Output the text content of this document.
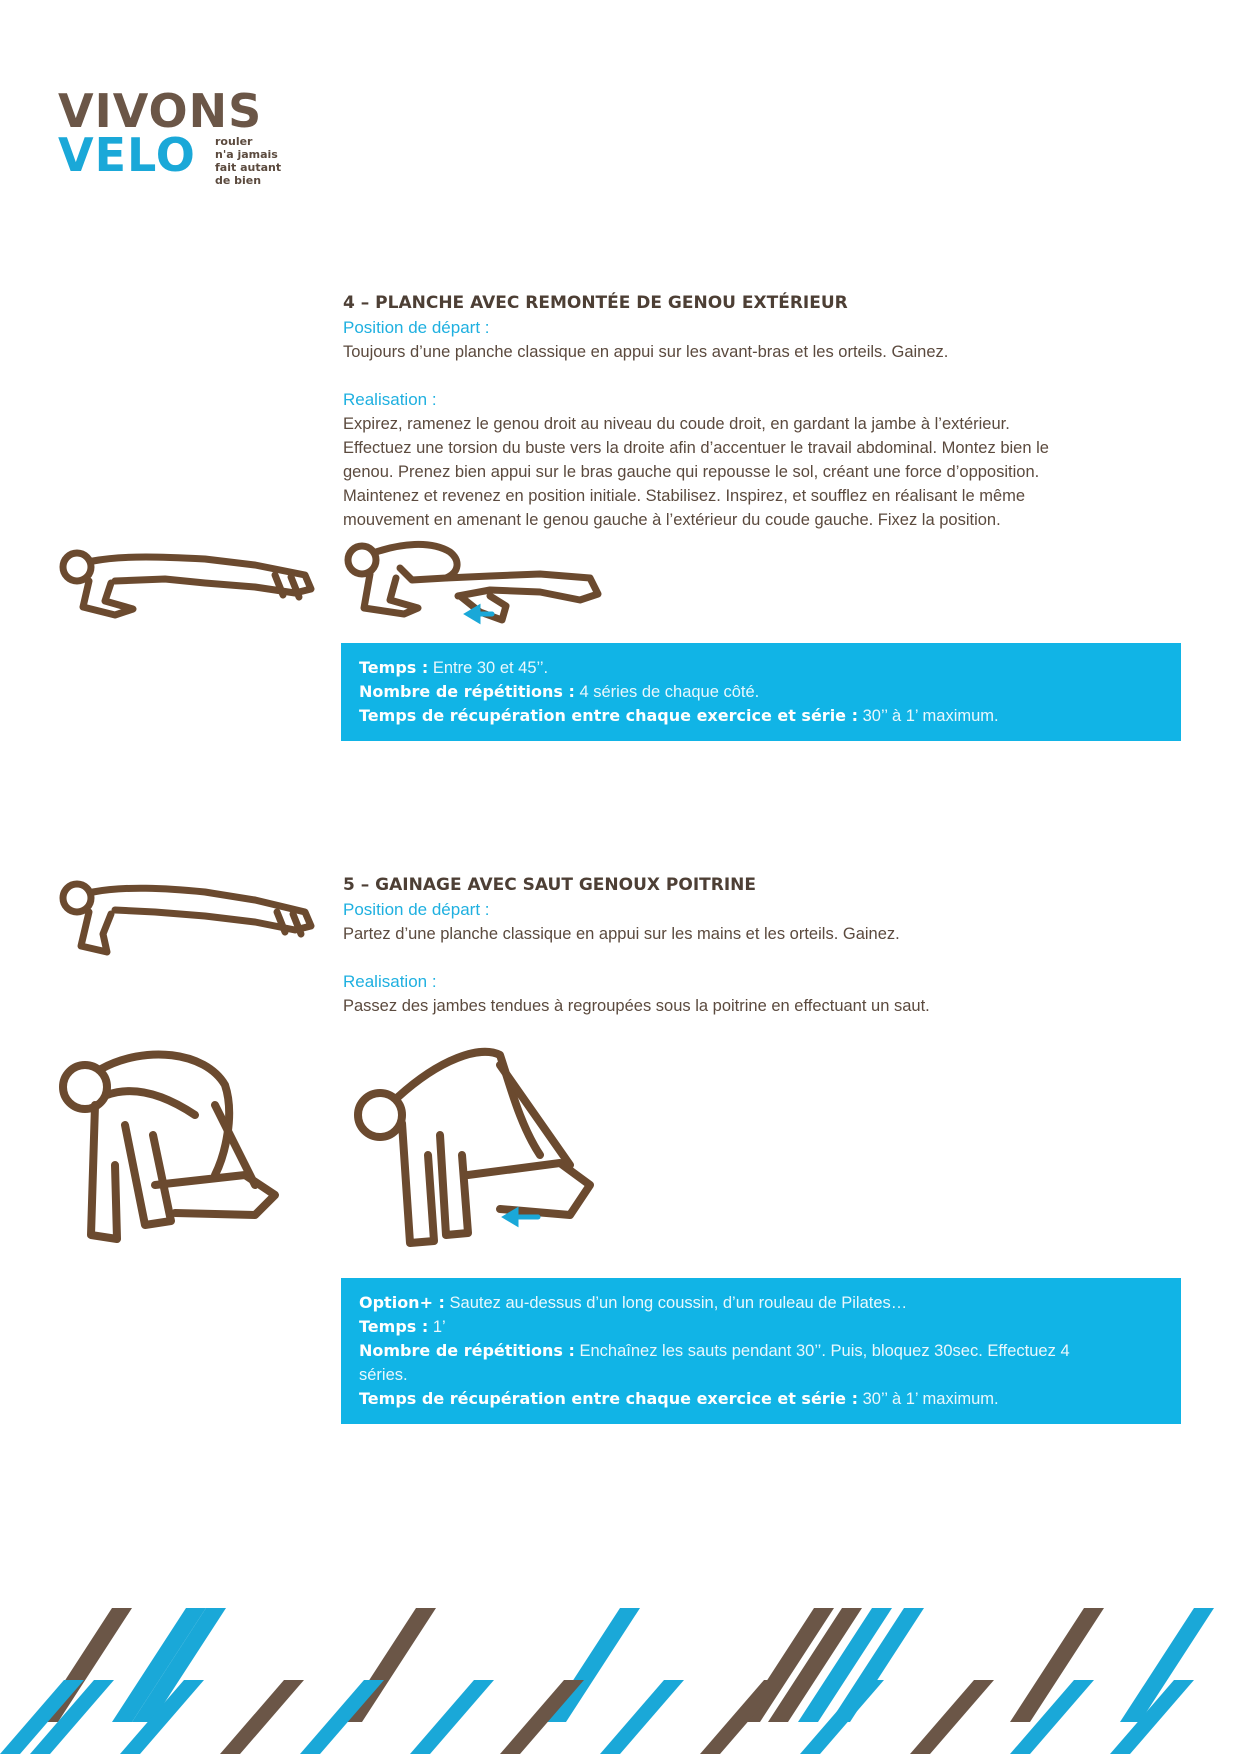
VIVONS
VELO rouler
n'a jamais
fait autant
de bien
4 – PLANCHE AVEC REMONTÉE DE GENOU EXTÉRIEUR

Position de départ :

Toujours d’une planche classique en appui sur les avant-bras et les orteils. Gainez.

Realisation :

Expirez, ramenez le genou droit au niveau du coude droit, en gardant la jambe à l’extérieur.

Effectuez une torsion du buste vers la droite afin d’accentuer le travail abdominal. Montez bien le

genou. Prenez bien appui sur le bras gauche qui repousse le sol, créant une force d’opposition.

Maintenez et revenez en position initiale. Stabilisez. Inspirez, et soufflez en réalisant le même

mouvement en amenant le genou gauche à l’extérieur du coude gauche. Fixez la position.

Temps : Entre 30 et 45’’.

Nombre de répétitions : 4 séries de chaque côté.

Temps de récupération entre chaque exercice et série : 30’’ à 1’ maximum.

5 – GAINAGE AVEC SAUT GENOUX POITRINE

Position de départ :

Partez d’une planche classique en appui sur les mains et les orteils. Gainez.

Realisation :

Passez des jambes tendues à regroupées sous la poitrine en effectuant un saut.

Option+ : Sautez au-dessus d’un long coussin, d’un rouleau de Pilates…

Temps : 1’

Nombre de répétitions : Enchaînez les sauts pendant 30’’. Puis, bloquez 30sec. Effectuez 4

séries.

Temps de récupération entre chaque exercice et série : 30’’ à 1’ maximum.
